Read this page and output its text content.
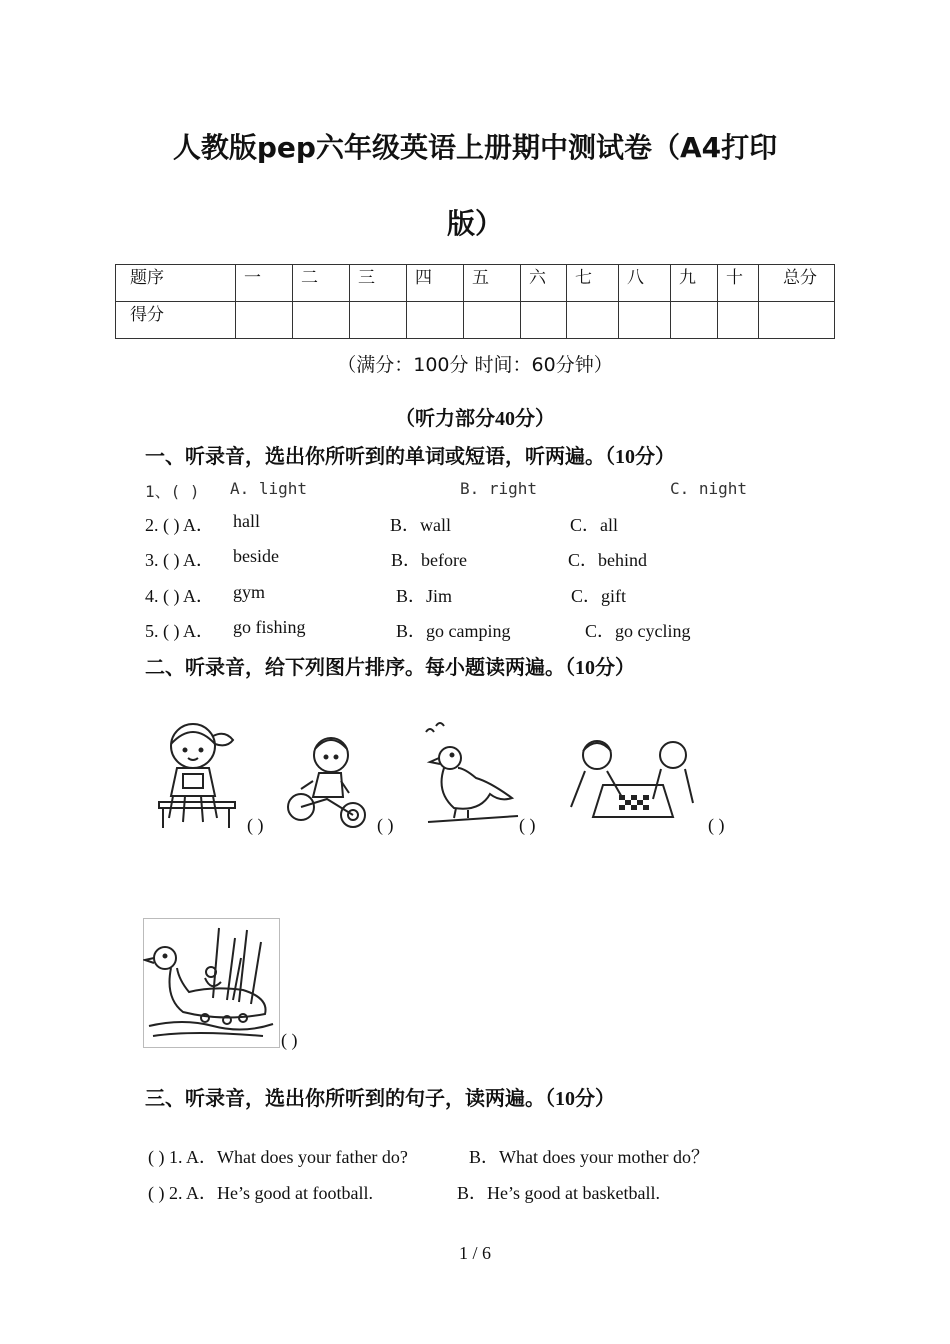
人教版pep六年级英语上册期中测试卷（A4打印
版）
题序	一	二	三	四	五	六	七	八	九	十	总分
得分											
（满分：100分 时间：60分钟）
（听力部分40分）
一、听录音，选出你所听到的单词或短语，听两遍。（10分）
1、( ) A. light	B. right	C. night
2. ( ) A． hall	B．wall	C．all
3. ( ) A． beside	B．before	C．behind
4. ( ) A． gym	B．Jim	C．gift
5. ( ) A． go fishing	B．go camping	C．go cycling
二、听录音，给下列图片排序。每小题读两遍。（10分）
( )	( )	( )	( )
( )
三、听录音，选出你所听到的句子，读两遍。（10分）
( ) 1. A．What does your father do?	B．What does your mother do？
( ) 2. A．He’s good at football.	B．He’s good at basketball.
1 / 6
